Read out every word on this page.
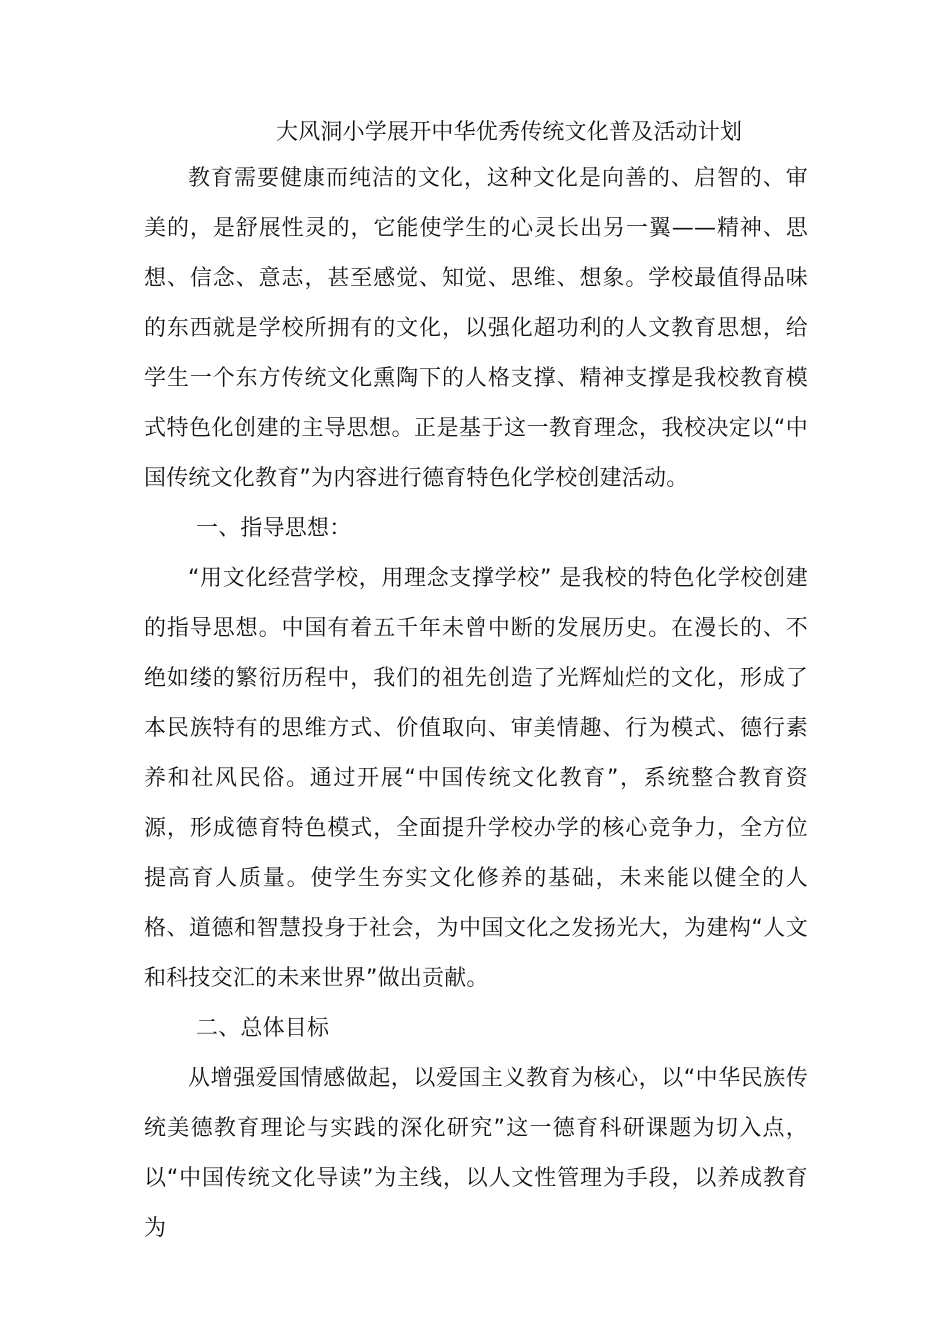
大风洞小学展开中华优秀传统文化普及活动计划

教育需要健康而纯洁的文化，这种文化是向善的、启智的、审美的，是舒展性灵的，它能使学生的心灵长出另一翼——精神、思想、信念、意志，甚至感觉、知觉、思维、想象。学校最值得品味的东西就是学校所拥有的文化，以强化超功利的人文教育思想，给学生一个东方传统文化熏陶下的人格支撑、精神支撑是我校教育模式特色化创建的主导思想。正是基于这一教育理念，我校决定以“中国传统文化教育”为内容进行德育特色化学校创建活动。

一、指导思想：

“用文化经营学校，用理念支撑学校” 是我校的特色化学校创建的指导思想。中国有着五千年未曾中断的发展历史。在漫长的、不绝如缕的繁衍历程中，我们的祖先创造了光辉灿烂的文化，形成了本民族特有的思维方式、价值取向、审美情趣、行为模式、德行素养和社风民俗。通过开展“中国传统文化教育”，系统整合教育资源，形成德育特色模式，全面提升学校办学的核心竞争力，全方位提高育人质量。使学生夯实文化修养的基础，未来能以健全的人格、道德和智慧投身于社会，为中国文化之发扬光大，为建构“人文和科技交汇的未来世界”做出贡献。

二、总体目标

从增强爱国情感做起，以爱国主义教育为核心，以“中华民族传统美德教育理论与实践的深化研究”这一德育科研课题为切入点，以“中国传统文化导读”为主线，以人文性管理为手段，以养成教育为
